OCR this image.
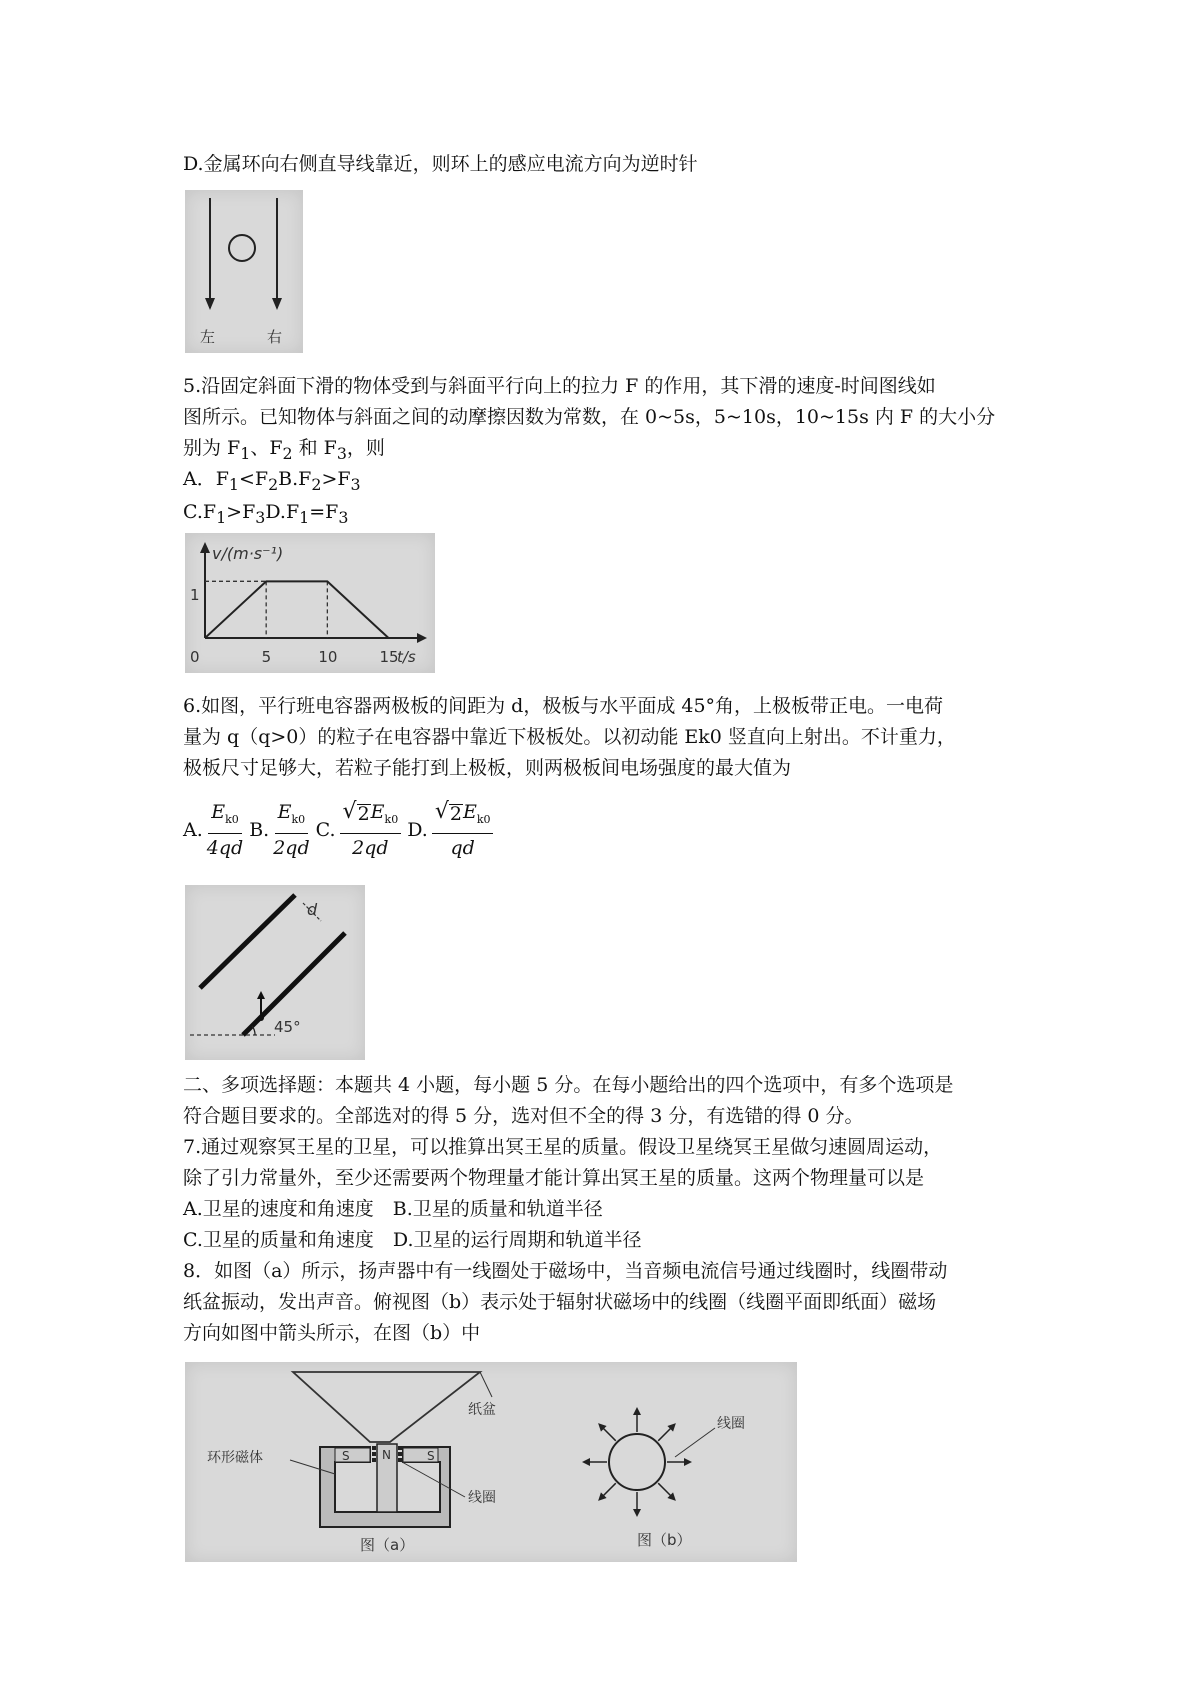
D.金属环向右侧直导线靠近，则环上的感应电流方向为逆时针

左	右

5.沿固定斜面下滑的物体受到与斜面平行向上的拉力 F 的作用，其下滑的速度-时间图线如

图所示。已知物体与斜面之间的动摩擦因数为常数，在 0~5s，5~10s，10~15s 内 F 的大小分

别为 $F_1$、$F_2$ 和 $F_3$，则

A．$F_1<F_2B.F_2>F_3$

$C.F_1>F_3D.F_1=F_3$

v/(m·s⁻¹)
t/s
1
0	5	10	15

6.如图，平行班电容器两极板的间距为 d，极板与水平面成 45°角，上极板带正电。一电荷

量为 q（q>0）的粒子在电容器中靠近下极板处。以初动能 Ek0 竖直向上射出。不计重力，

极板尺寸足够大，若粒子能打到上极板，则两极板间电场强度的最大值为

A. $\frac{E_{k0}}{4qd} B$. $\frac{E_{k0}}{2qd} C$. $\frac{√ 2 E_{k0}}{2qd} D$. $\frac{√ 2 E_{k0}}{qd}$
d
45°

二、多项选择题：本题共 4 小题，每小题 5 分。在每小题给出的四个选项中，有多个选项是

符合题目要求的。全部选对的得 5 分，选对但不全的得 3 分，有选错的得 0 分。

7.通过观察冥王星的卫星，可以推算出冥王星的质量。假设卫星绕冥王星做匀速圆周运动，

除了引力常量外，至少还需要两个物理量才能计算出冥王星的质量。这两个物理量可以是

A.卫星的速度和角速度　B.卫星的质量和轨道半径

C.卫星的质量和角速度　D.卫星的运行周期和轨道半径

8．如图（a）所示，扬声器中有一线圈处于磁场中，当音频电流信号通过线圈时，线圈带动

纸盆振动，发出声音。俯视图（b）表示处于辐射状磁场中的线圈（线圈平面即纸面）磁场

方向如图中箭头所示，在图（b）中

纸盆
S	S
N
环形磁体
线圈
图（a）
线圈
图（b）
